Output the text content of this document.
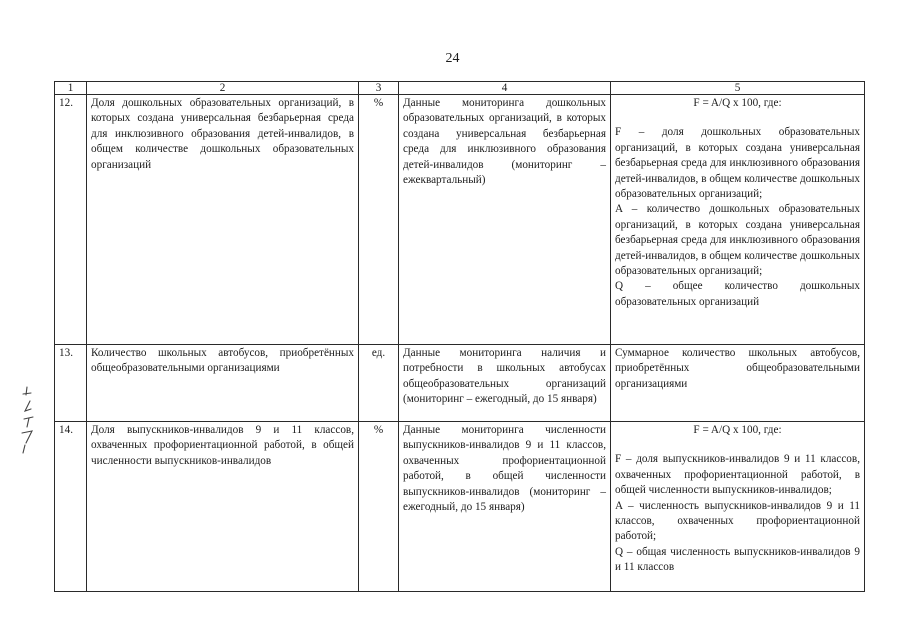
24
1	2	3	4	5
12.	Доля дошкольных образовательных организаций, в которых создана универсальная безбарьерная среда для инклюзивного образования детей-инвалидов, в общем количестве дошкольных образовательных организаций	%	Данные мониторинга дошкольных образовательных организаций, в которых создана универсальная безбарьерная среда для инклюзивного образования детей-инвалидов (мониторинг – ежеквартальный)	F = A/Q x 100, где:
F – доля дошкольных образовательных организаций, в которых создана универсальная безбарьерная среда для инклюзивного образования детей-инвалидов, в общем количестве дошкольных образовательных организаций;
A – количество дошкольных образовательных организаций, в которых создана универсальная безбарьерная среда для инклюзивного образования детей-инвалидов, в общем количестве дошкольных образовательных организаций;
Q – общее количество дошкольных образовательных организаций

13.	Количество школьных автобусов, приобретённых общеобразовательными организациями	ед.	Данные мониторинга наличия и потребности в школьных автобусах общеобразовательных организаций (мониторинг – ежегодный, до 15 января)	Суммарное количество школьных автобусов, приобретённых общеобразовательными организациями

14.	Доля выпускников-инвалидов 9 и 11 классов, охваченных профориентационной работой, в общей численности выпускников-инвалидов	%	Данные мониторинга численности выпускников-инвалидов 9 и 11 классов, охваченных профориентационной работой, в общей численности выпускников-инвалидов (мониторинг – ежегодный, до 15 января)	F = A/Q x 100, где:
F – доля выпускников-инвалидов 9 и 11 классов, охваченных профориентационной работой, в общей численности выпускников-инвалидов;
A – численность выпускников-инвалидов 9 и 11 классов, охваченных профориентационной работой;
Q – общая численность выпускников-инвалидов 9 и 11 классов
